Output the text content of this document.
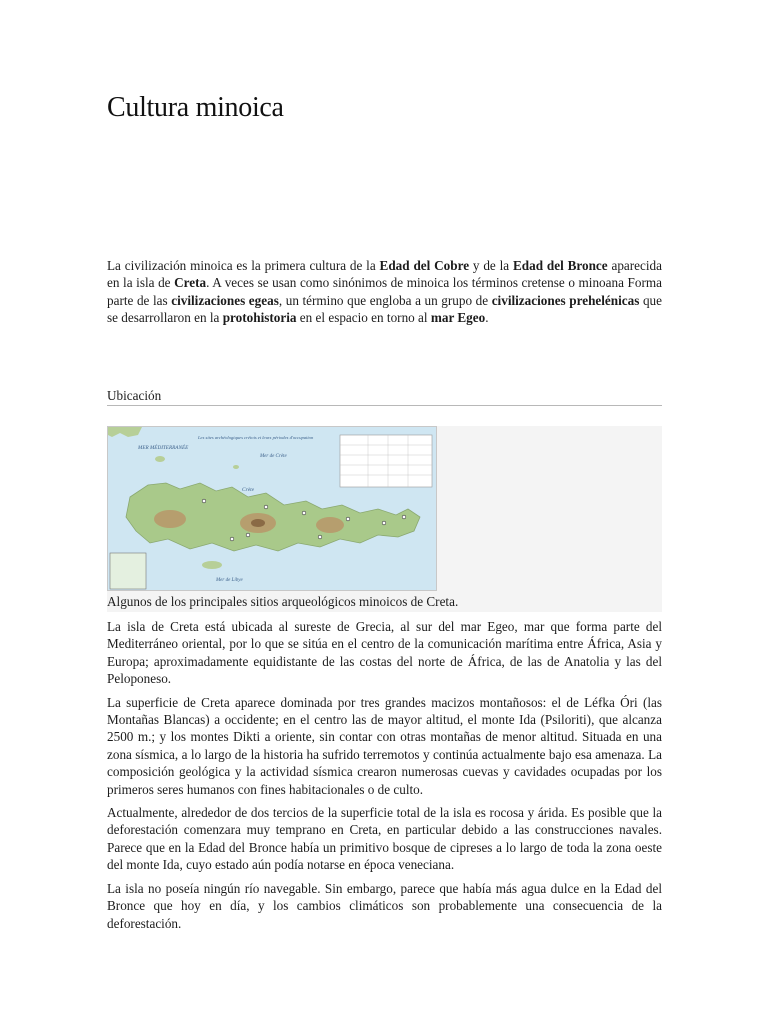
Cultura minoica

La civilización minoica es la primera cultura de la Edad del Cobre y de la Edad del Bronce aparecida en la isla de Creta. A veces se usan como sinónimos de minoica los términos cretense o minoana Forma parte de las civilizaciones egeas, un término que engloba a un grupo de civilizaciones prehelénicas que se desarrollaron en la protohistoria en el espacio en torno al mar Egeo.

Ubicación
Les sites archéologiques crétois et leurs périodes d'occupation
MER MÉDITERRANÉE
Mer de Crète
Crète
Mer de Libye
Algunos de los principales sitios arqueológicos minoicos de Creta.

La isla de Creta está ubicada al sureste de Grecia, al sur del mar Egeo, mar que forma parte del Mediterráneo oriental, por lo que se sitúa en el centro de la comunicación marítima entre África, Asia y Europa; aproximadamente equidistante de las costas del norte de África, de las de Anatolia y las del Peloponeso.

La superficie de Creta aparece dominada por tres grandes macizos montañosos: el de Léfka Óri (las Montañas Blancas) a occidente; en el centro las de mayor altitud, el monte Ida (Psiloriti), que alcanza 2500 m.; y los montes Dikti a oriente, sin contar con otras montañas de menor altitud. Situada en una zona sísmica, a lo largo de la historia ha sufrido terremotos y continúa actualmente bajo esa amenaza. La composición geológica y la actividad sísmica crearon numerosas cuevas y cavidades ocupadas por los primeros seres humanos con fines habitacionales o de culto.

Actualmente, alrededor de dos tercios de la superficie total de la isla es rocosa y árida. Es posible que la deforestación comenzara muy temprano en Creta, en particular debido a las construcciones navales. Parece que en la Edad del Bronce había un primitivo bosque de cipreses a lo largo de toda la zona oeste del monte Ida, cuyo estado aún podía notarse en época veneciana.

La isla no poseía ningún río navegable. Sin embargo, parece que había más agua dulce en la Edad del Bronce que hoy en día, y los cambios climáticos son probablemente una consecuencia de la deforestación.
